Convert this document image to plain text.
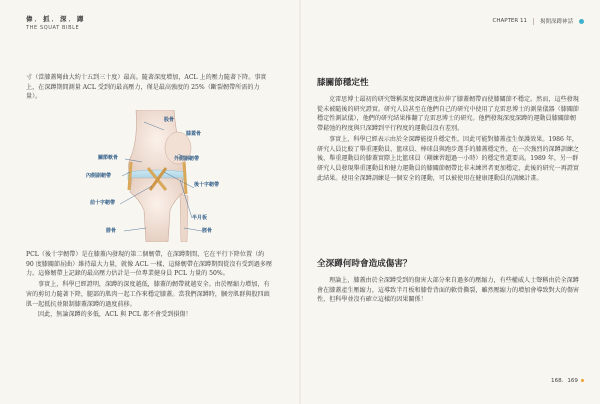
偉．抓．深．蹲
THE SQUAT BIBLE
寸（當膝蓋彎曲大約十五到三十度）最高。隨著深度增加，ACL 上的壓力隨著下降。事實上，在深蹲期間測量 ACL 受到的最高壓力，僅是最高強度的 25%（斷裂韌帶所需的力量）。
股骨
膝蓋骨
關節軟骨	外側副韌帶
內側副韌帶
後十字韌帶
前十字韌帶
半月板
腓骨	脛骨

PCL（後十字韌帶）是在膝蓋內發現的第二個韌帶，在深蹲期間，它在平行下降位置（約 90 度膝關節屈曲）維持最大力量，就像 ACL 一樣，這條韌帶在深蹲期間從沒有受到過多壓力。這條韌帶上記錄的最高壓力估計是一位專業健身員 PCL 力量的 50%。

事實上，科學已經證明，深蹲的深度越低，膝蓋的韌帶就越安全。由於壓縮力增加，有害的剪切力隨著下降，腿部的肌肉一起工作來穩定膝蓋。當我們深蹲時，膕旁肌群與股四頭肌一起抵抗並限制膝蓋深蹲的過度前移。

因此，無論深蹲的多低，ACL 與 PCL 都不會受到損傷！

CHAPTER 11 揭開深蹲神話
膝關節穩定性

克雷思博士最初的研究聲稱深度深蹲過度拉伸了膝蓋韌帶而使膝關節不穩定。然而，這些發現從未被隨後的研究證實。研究人員甚至在他們自己的研究中使用了克雷思博士的測量儀器（膝關節穩定性測試儀），他們的研究結果推翻了克雷思博士的研究。他們發現深度深蹲的運動員膝關節韌帶鬆弛的程度與只深蹲到平行程度的運動員沒有差別。

事實上，科學已經表示由於全深蹲能提升穩定性，因此可能對膝蓋產生保護效果。1986 年，研究人員比較了舉重運動員、籃球員、棒球員與跑步選手的膝蓋穩定性，在一次強烈的深蹲訓練之後，舉重運動員的膝蓋實際上比籃球員（剛練習超過一小時）的穩定性還要高。1989 年，另一群研究人員發現舉重運動員和健力運動員的膝關節韌帶比非未練習者更加穩定，此後的研究一再證實此結果。使用全深蹲訓練是一個安全的運動，可以被使用在健康運動員的訓練計畫。

全深蹲何時會造成傷害？

理論上，膝蓋由於全深蹲受到的傷害大部分來自過多的壓縮力，有些權威人士聲稱由於全深蹲會在膝蓋產生壓縮力，這導致半月板和膝骨背面的軟骨撕裂，雖然壓縮力的增加會導致對大的傷害性，但科學並沒有確立這樣的因果關係！

168．169
